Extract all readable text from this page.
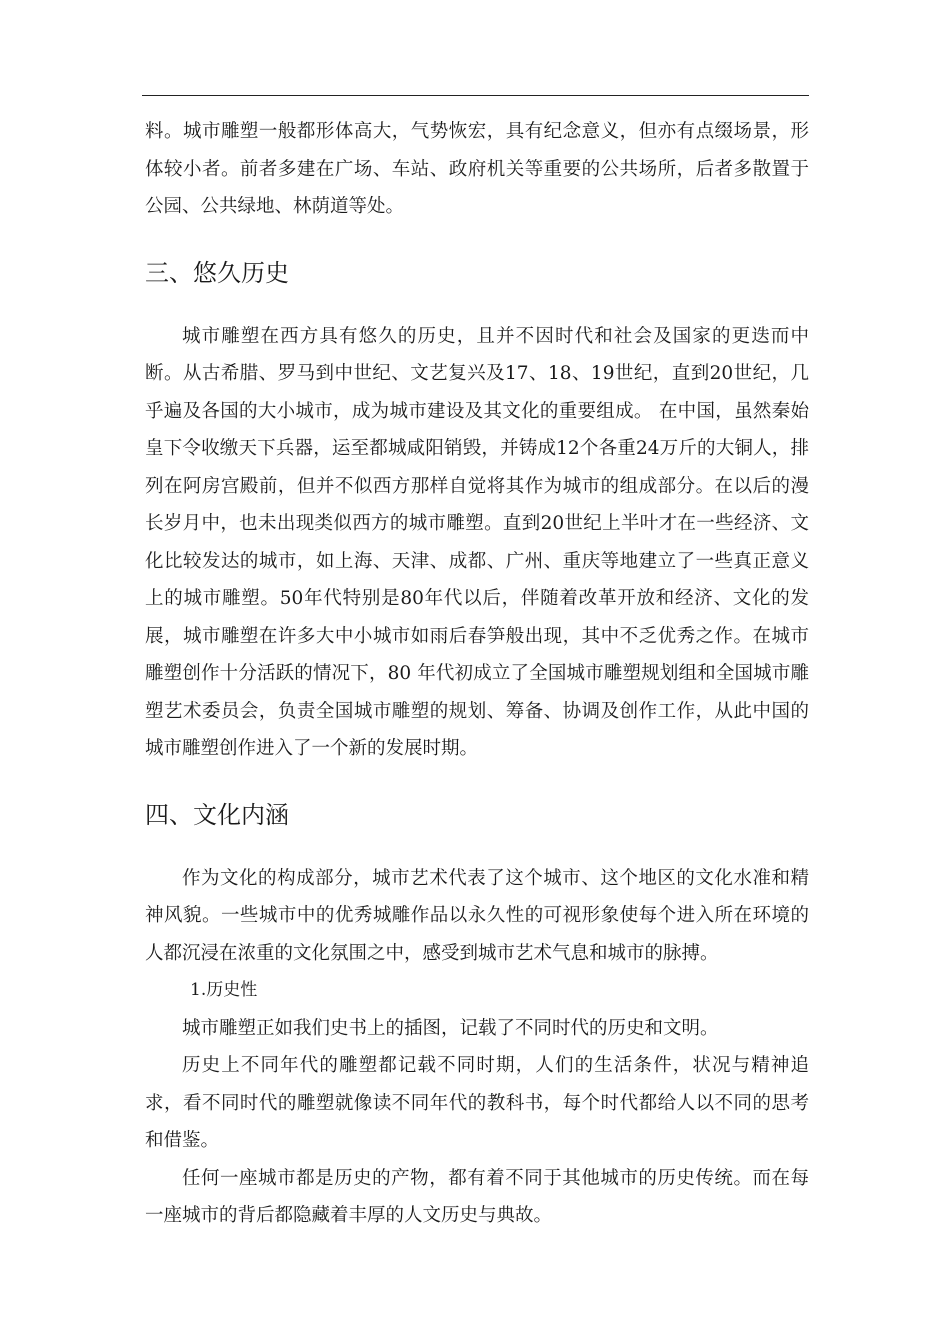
料。城市雕塑一般都形体高大，气势恢宏，具有纪念意义，但亦有点缀场景，形体较小者。前者多建在广场、车站、政府机关等重要的公共场所，后者多散置于公园、公共绿地、林荫道等处。

三、悠久历史

城市雕塑在西方具有悠久的历史，且并不因时代和社会及国家的更迭而中断。从古希腊、罗马到中世纪、文艺复兴及17、18、19世纪，直到20世纪，几乎遍及各国的大小城市，成为城市建设及其文化的重要组成。 在中国，虽然秦始皇下令收缴天下兵器，运至都城咸阳销毁，并铸成12个各重24万斤的大铜人，排列在阿房宫殿前，但并不似西方那样自觉将其作为城市的组成部分。在以后的漫长岁月中，也未出现类似西方的城市雕塑。直到20世纪上半叶才在一些经济、文化比较发达的城市，如上海、天津、成都、广州、重庆等地建立了一些真正意义上的城市雕塑。50年代特别是80年代以后，伴随着改革开放和经济、文化的发展，城市雕塑在许多大中小城市如雨后春笋般出现，其中不乏优秀之作。在城市雕塑创作十分活跃的情况下，80 年代初成立了全国城市雕塑规划组和全国城市雕塑艺术委员会，负责全国城市雕塑的规划、筹备、协调及创作工作，从此中国的城市雕塑创作进入了一个新的发展时期。

四、文化内涵

作为文化的构成部分，城市艺术代表了这个城市、这个地区的文化水准和精神风貌。一些城市中的优秀城雕作品以永久性的可视形象使每个进入所在环境的人都沉浸在浓重的文化氛围之中，感受到城市艺术气息和城市的脉搏。

1.历史性

城市雕塑正如我们史书上的插图，记载了不同时代的历史和文明。

历史上不同年代的雕塑都记载不同时期，人们的生活条件，状况与精神追求，看不同时代的雕塑就像读不同年代的教科书，每个时代都给人以不同的思考和借鉴。

任何一座城市都是历史的产物，都有着不同于其他城市的历史传统。而在每一座城市的背后都隐藏着丰厚的人文历史与典故。
